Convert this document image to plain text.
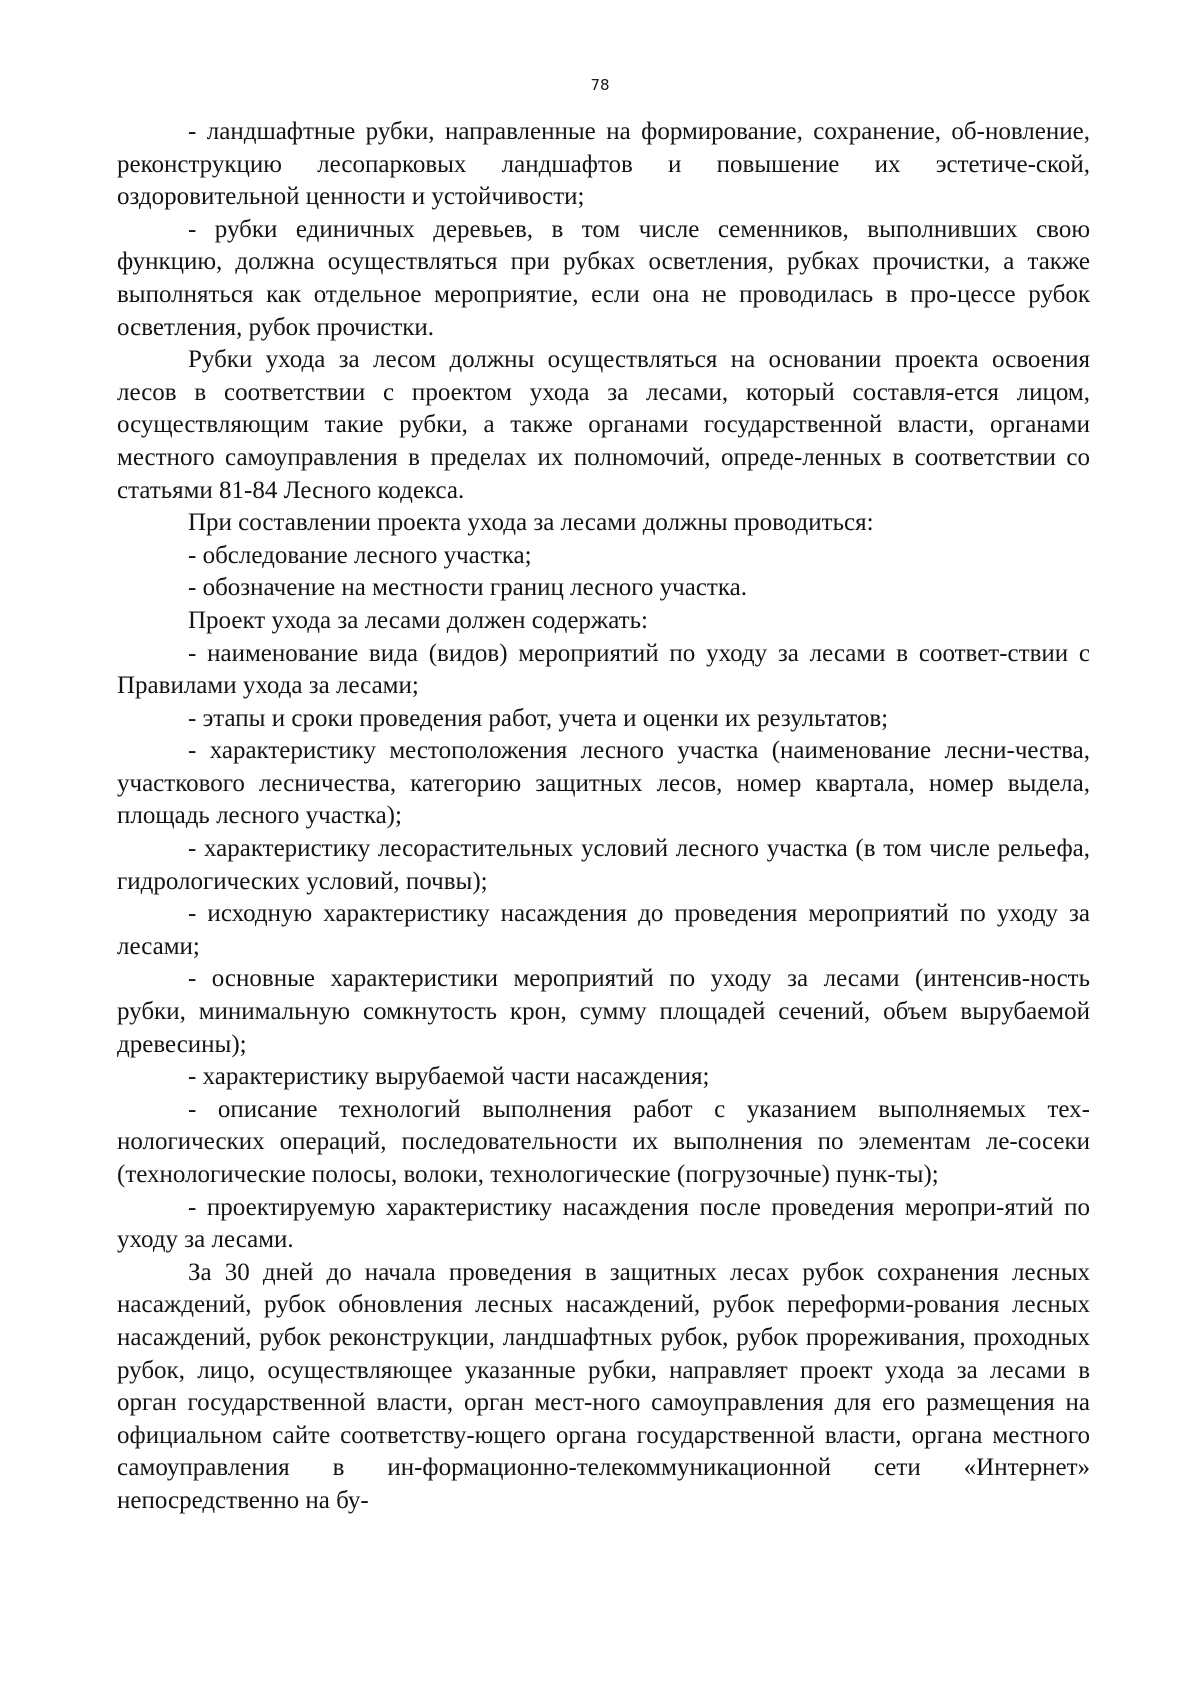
78

- ландшафтные рубки, направленные на формирование, сохранение, об-новление, реконструкцию лесопарковых ландшафтов и повышение их эстетиче-ской, оздоровительной ценности и устойчивости;

- рубки единичных деревьев, в том числе семенников, выполнивших свою функцию, должна осуществляться при рубках осветления, рубках прочистки, а также выполняться как отдельное мероприятие, если она не проводилась в про-цессе рубок осветления, рубок прочистки.

Рубки ухода за лесом должны осуществляться на основании проекта освоения лесов в соответствии с проектом ухода за лесами, который составля-ется лицом, осуществляющим такие рубки, а также органами государственной власти, органами местного самоуправления в пределах их полномочий, опреде-ленных в соответствии со статьями 81-84 Лесного кодекса.

При составлении проекта ухода за лесами должны проводиться:

- обследование лесного участка;

- обозначение на местности границ лесного участка.

Проект ухода за лесами должен содержать:

- наименование вида (видов) мероприятий по уходу за лесами в соответ-ствии с Правилами ухода за лесами;

- этапы и сроки проведения работ, учета и оценки их результатов;

- характеристику местоположения лесного участка (наименование лесни-чества, участкового лесничества, категорию защитных лесов, номер квартала, номер выдела, площадь лесного участка);

- характеристику лесорастительных условий лесного участка (в том числе рельефа, гидрологических условий, почвы);

- исходную характеристику насаждения до проведения мероприятий по уходу за лесами;

- основные характеристики мероприятий по уходу за лесами (интенсив-ность рубки, минимальную сомкнутость крон, сумму площадей сечений, объем вырубаемой древесины);

- характеристику вырубаемой части насаждения;

- описание технологий выполнения работ с указанием выполняемых тех-нологических операций, последовательности их выполнения по элементам ле-сосеки (технологические полосы, волоки, технологические (погрузочные) пунк-ты);

- проектируемую характеристику насаждения после проведения меропри-ятий по уходу за лесами.

За 30 дней до начала проведения в защитных лесах рубок сохранения лесных насаждений, рубок обновления лесных насаждений, рубок переформи-рования лесных насаждений, рубок реконструкции, ландшафтных рубок, рубок прореживания, проходных рубок, лицо, осуществляющее указанные рубки, направляет проект ухода за лесами в орган государственной власти, орган мест-ного самоуправления для его размещения на официальном сайте соответству-ющего органа государственной власти, органа местного самоуправления в ин-формационно-телекоммуникационной сети «Интернет» непосредственно на бу-
